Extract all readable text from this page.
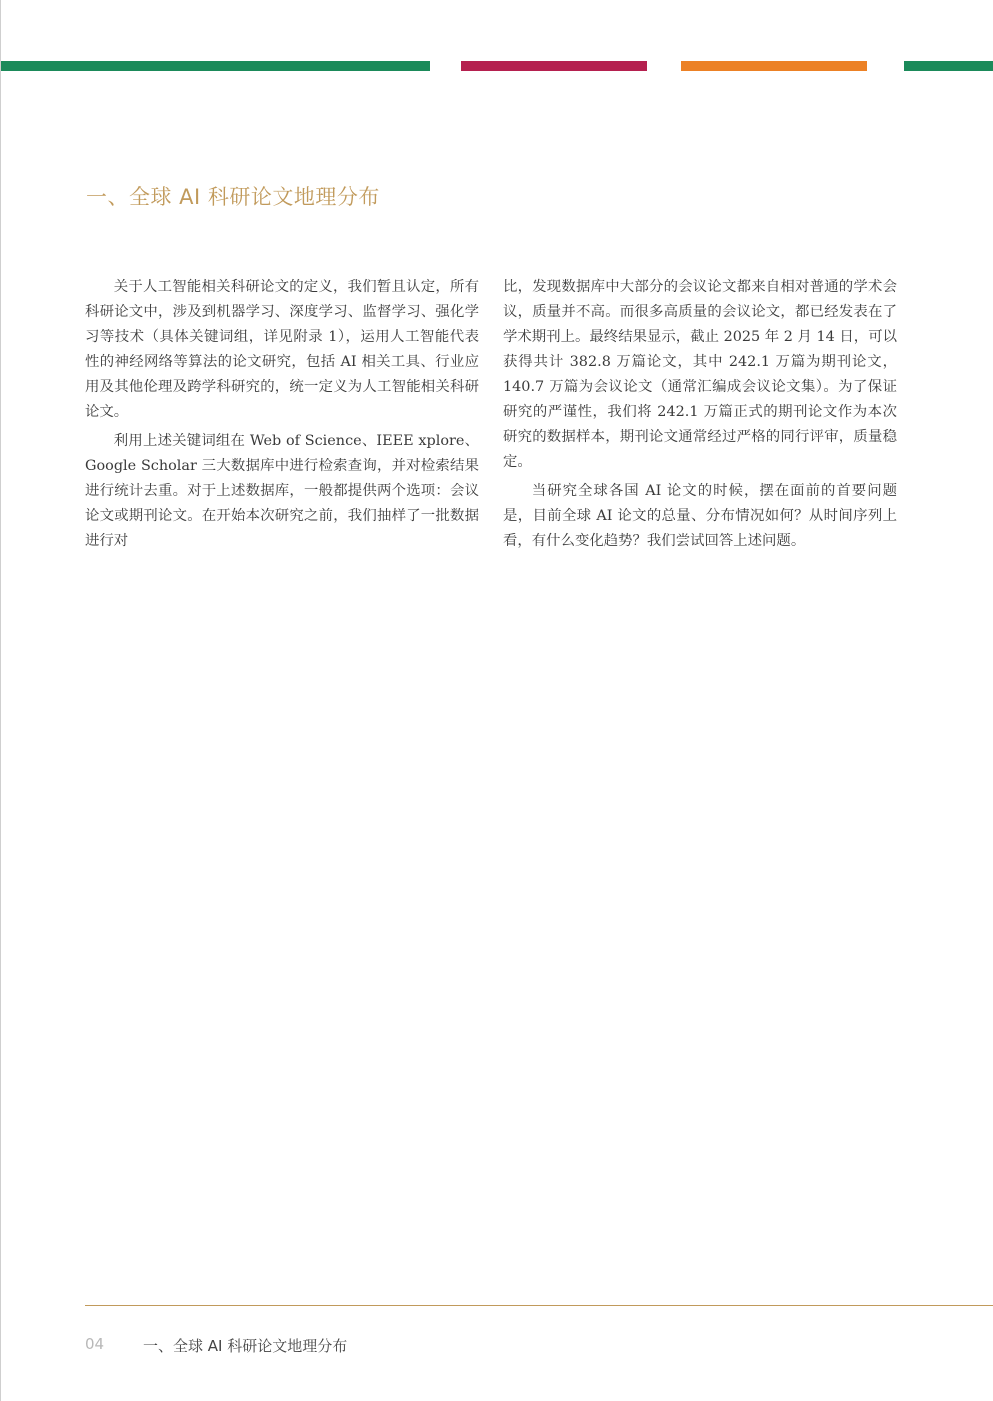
一、全球 AI 科研论文地理分布

关于人工智能相关科研论文的定义，我们暂且认定，所有科研论文中，涉及到机器学习、深度学习、监督学习、强化学习等技术（具体关键词组，详见附录 1），运用人工智能代表性的神经网络等算法的论文研究，包括 AI 相关工具、行业应用及其他伦理及跨学科研究的，统一定义为人工智能相关科研论文。

利用上述关键词组在 Web of Science、IEEE xplore、Google Scholar 三大数据库中进行检索查询，并对检索结果进行统计去重。对于上述数据库，一般都提供两个选项：会议论文或期刊论文。在开始本次研究之前，我们抽样了一批数据进行对

比，发现数据库中大部分的会议论文都来自相对普通的学术会议，质量并不高。而很多高质量的会议论文，都已经发表在了学术期刊上。最终结果显示，截止 2025 年 2 月 14 日，可以获得共计 382.8 万篇论文，其中 242.1 万篇为期刊论文，140.7 万篇为会议论文（通常汇编成会议论文集）。为了保证研究的严谨性，我们将 242.1 万篇正式的期刊论文作为本次研究的数据样本，期刊论文通常经过严格的同行评审，质量稳定。

当研究全球各国 AI 论文的时候，摆在面前的首要问题是，目前全球 AI 论文的总量、分布情况如何？从时间序列上看，有什么变化趋势？我们尝试回答上述问题。

04	一、全球 AI 科研论文地理分布
